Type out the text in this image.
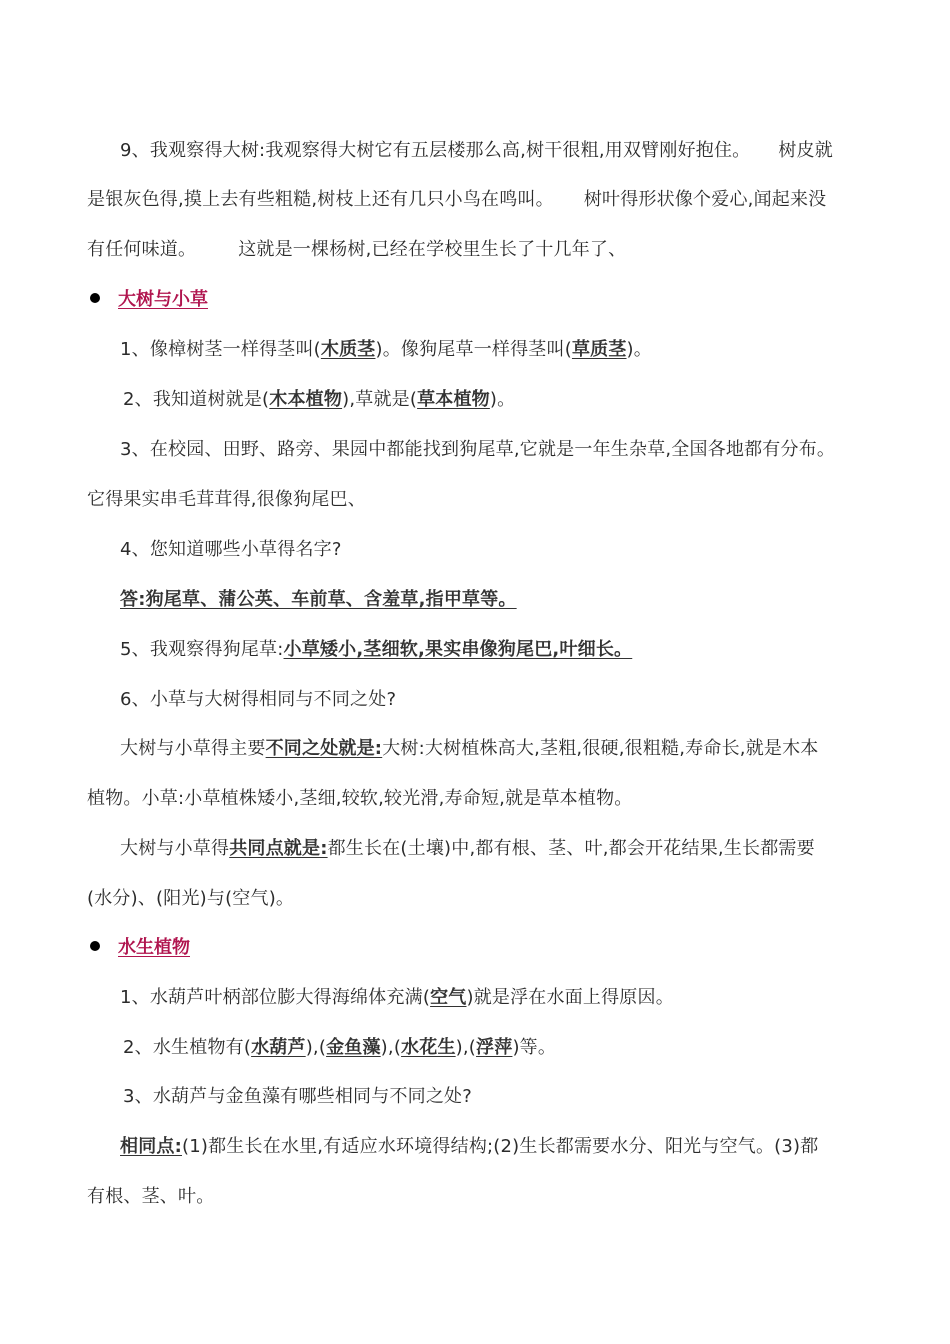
9、我观察得大树:我观察得大树它有五层楼那么高,树干很粗,用双臂刚好抱住。 树皮就
是银灰色得,摸上去有些粗糙,树枝上还有几只小鸟在鸣叫。 树叶得形状像个爱心,闻起来没
有任何味道。 这就是一棵杨树,已经在学校里生长了十几年了、
大树与小草
1、像樟树茎一样得茎叫(木质茎)。像狗尾草一样得茎叫(草质茎)。
2、我知道树就是(木本植物),草就是(草本植物)。
3、在校园、田野、路旁、果园中都能找到狗尾草,它就是一年生杂草,全国各地都有分布。
它得果实串毛茸茸得,很像狗尾巴、
4、您知道哪些小草得名字?
答:狗尾草、蒲公英、车前草、含羞草,指甲草等。
5、我观察得狗尾草:小草矮小,茎细软,果实串像狗尾巴,叶细长。
6、小草与大树得相同与不同之处?
大树与小草得主要不同之处就是:大树:大树植株高大,茎粗,很硬,很粗糙,寿命长,就是木本
植物。小草:小草植株矮小,茎细,较软,较光滑,寿命短,就是草本植物。
大树与小草得共同点就是:都生长在(土壤)中,都有根、茎、叶,都会开花结果,生长都需要
(水分)、(阳光)与(空气)。
水生植物
1、水葫芦叶柄部位膨大得海绵体充满(空气)就是浮在水面上得原因。
2、水生植物有(水葫芦),(金鱼藻),(水花生),(浮萍)等。
3、水葫芦与金鱼藻有哪些相同与不同之处?
相同点:(1)都生长在水里,有适应水环境得结构;(2)生长都需要水分、阳光与空气。(3)都
有根、茎、叶。
